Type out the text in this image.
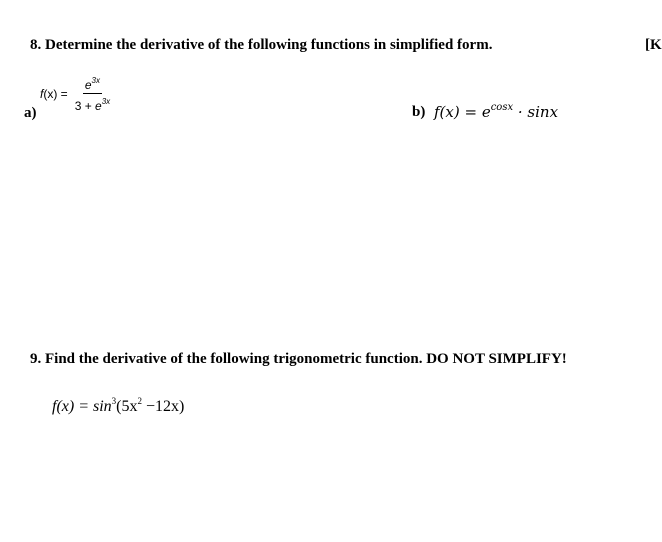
8. Determine the derivative of the following functions in simplified form.	[K
a)
$f(x) = \frac{e^{3x}}{3 + e^{3x}}$	b) $f(x) = e^{cosx} \cdot \sin x$
9. Find the derivative of the following trigonometric function. DO NOT SIMPLIFY!
$f(x) = \sin^3(5x^2 -12x)$
